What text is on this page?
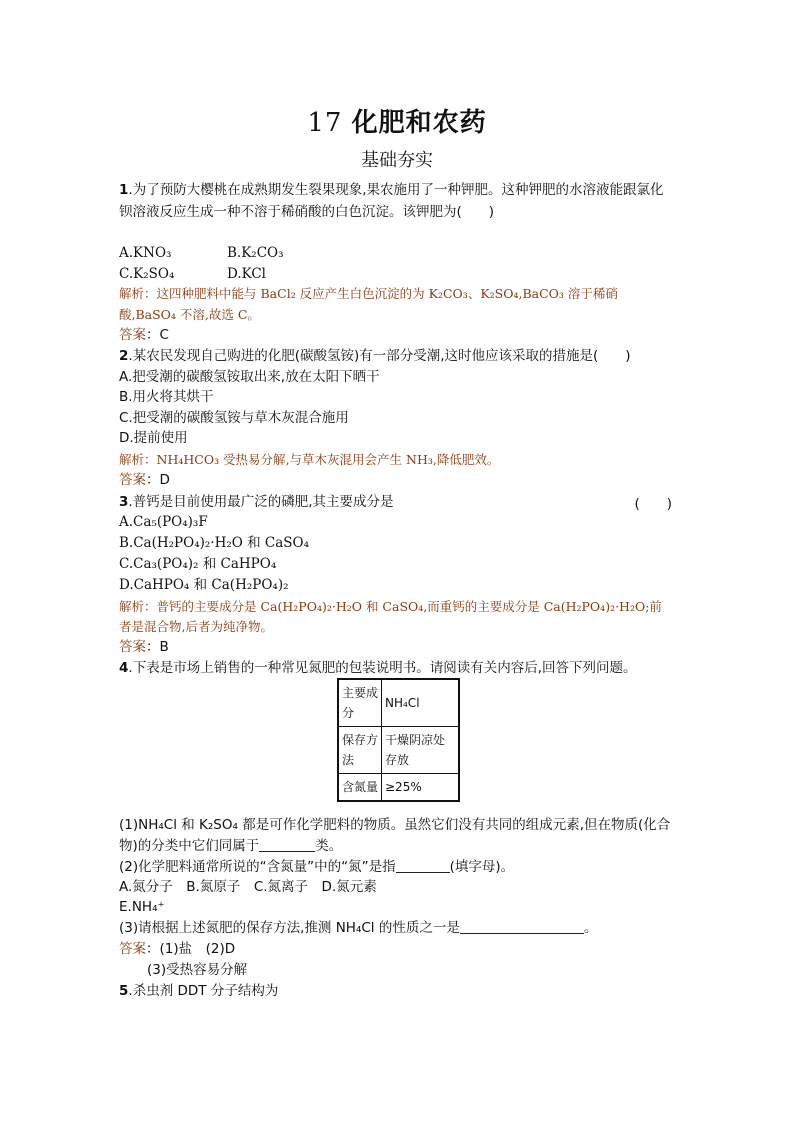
17 化肥和农药
基础夯实
1.为了预防大樱桃在成熟期发生裂果现象,果农施用了一种钾肥。这种钾肥的水溶液能跟氯化
钡溶液反应生成一种不溶于稀硝酸的白色沉淀。该钾肥为(　　)
A.KNO₃	B.K₂CO₃
C.K₂SO₄	D.KCl
解析：这四种肥料中能与 BaCl₂ 反应产生白色沉淀的为 K₂CO₃、K₂SO₄,BaCO₃ 溶于稀硝
酸,BaSO₄ 不溶,故选 C。
答案：C
2.某农民发现自己购进的化肥(碳酸氢铵)有一部分受潮,这时他应该采取的措施是(　　)
A.把受潮的碳酸氢铵取出来,放在太阳下晒干
B.用火将其烘干
C.把受潮的碳酸氢铵与草木灰混合施用
D.提前使用
解析：NH₄HCO₃ 受热易分解,与草木灰混用会产生 NH₃,降低肥效。
答案：D
3.普钙是目前使用最广泛的磷肥,其主要成分是	(　　)
A.Ca₅(PO₄)₃F
B.Ca(H₂PO₄)₂·H₂O 和 CaSO₄
C.Ca₃(PO₄)₂ 和 CaHPO₄
D.CaHPO₄ 和 Ca(H₂PO₄)₂
解析：普钙的主要成分是 Ca(H₂PO₄)₂·H₂O 和 CaSO₄,而重钙的主要成分是 Ca(H₂PO₄)₂·H₂O;前
者是混合物,后者为纯净物。
答案：B
4.下表是市场上销售的一种常见氮肥的包装说明书。请阅读有关内容后,回答下列问题。
主要成
分	NH₄Cl
保存方
法	干燥阴凉处
存放
含氮量	≥25%
(1)NH₄Cl 和 K₂SO₄ 都是可作化学肥料的物质。虽然它们没有共同的组成元素,但在物质(化合
物)的分类中它们同属于	类。
(2)化学肥料通常所说的“含氮量”中的“氮”是指	(填字母)。
A.氮分子　B.氮原子　C.氮离子　D.氮元素
E.NH₄⁺
(3)请根据上述氮肥的保存方法,推测 NH₄Cl 的性质之一是	。
答案：(1)盐　(2)D
(3)受热容易分解
5.杀虫剂 DDT 分子结构为
